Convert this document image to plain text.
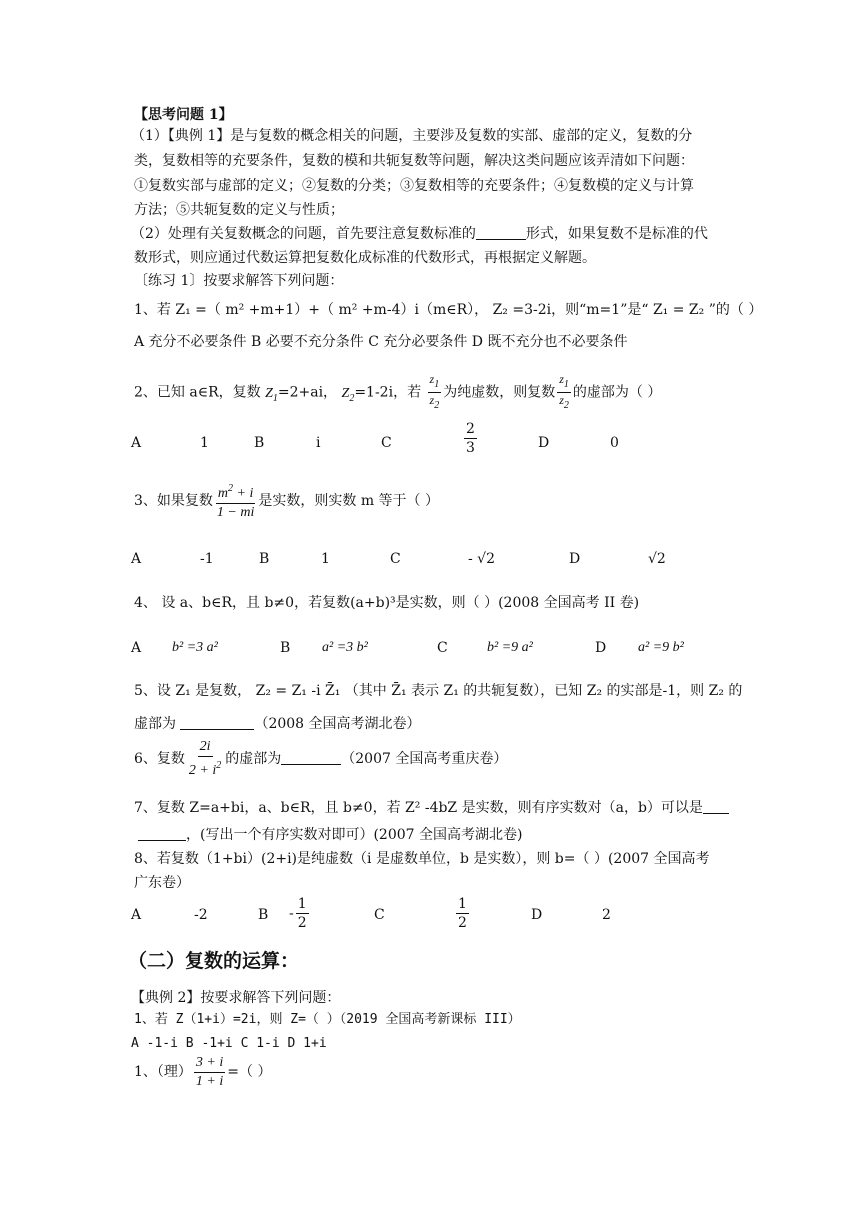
【思考问题 1】
（1）【典例 1】是与复数的概念相关的问题，主要涉及复数的实部、虚部的定义，复数的分
类，复数相等的充要条件，复数的模和共轭复数等问题，解决这类问题应该弄清如下问题：
①复数实部与虚部的定义；②复数的分类；③复数相等的充要条件；④复数模的定义与计算
方法；⑤共轭复数的定义与性质；
（2）处理有关复数概念的问题，首先要注意复数标准的	形式，如果复数不是标准的代
数形式，则应通过代数运算把复数化成标准的代数形式，再根据定义解题。
〔练习 1〕按要求解答下列问题：
1、若 Z₁ =（ m² +m+1）+（ m² +m-4）i（m∈R）， Z₂ =3-2i，则“m=1”是“ Z₁ = Z₂ ”的（ ）
A 充分不必要条件 B 必要不充分条件 C 充分必要条件 D 既不充分也不必要条件
2、已知 a∈R，复数 $Z_1=2+ai$， $Z_2=1-2i$，若 $\frac{z_1}{z_2}$ 为纯虚数，则复数 $\frac{z_1}{z_2}$ 的虚部为（ ）
A	1	B	i	C	$\frac{2}{3}$	D	0
3、如果复数 $\frac{m^2 + i}{1 - mi}$ 是实数，则实数 m 等于（ ）
A	-1	B	1	C	- √2	D	√2
4、 设 a、b∈R，且 b≠0，若复数(a+b)³是实数，则（ ）(2008 全国高考 II 卷)
A b² =3 a²	B a² =3 b²	C	b² =9 a²	D a² =9 b²
5、设 Z₁ 是复数， Z₂ = Z₁ -i Z̄₁ （其中 Z̄₁ 表示 Z₁ 的共轭复数），已知 Z₂ 的实部是-1，则 Z₂ 的
虚部为	（2008 全国高考湖北卷）
6、复数 $\frac{2i}{2 + i^2}$ 的虚部为	（2007 全国高考重庆卷）
7、复数 Z=a+bi，a、b∈R，且 b≠0，若 Z² -4bZ 是实数，则有序实数对（a，b）可以是
，(写出一个有序实数对即可）(2007 全国高考湖北卷)
8、若复数（1+bi）(2+i)是纯虚数（i 是虚数单位，b 是实数），则 b=（ ）(2007 全国高考
广东卷）
A	-2	B - $\frac{1}{2}$	C	$\frac{1}{2}$	D	2
（二）复数的运算：
【典例 2】按要求解答下列问题：
1、若 Z（1+i）=2i，则 Z=（ ）（2019 全国高考新课标 III）
A -1-i B -1+i C 1-i D 1+i
1、（理） $\frac{3 + i}{1 + i}$ =（ ）
